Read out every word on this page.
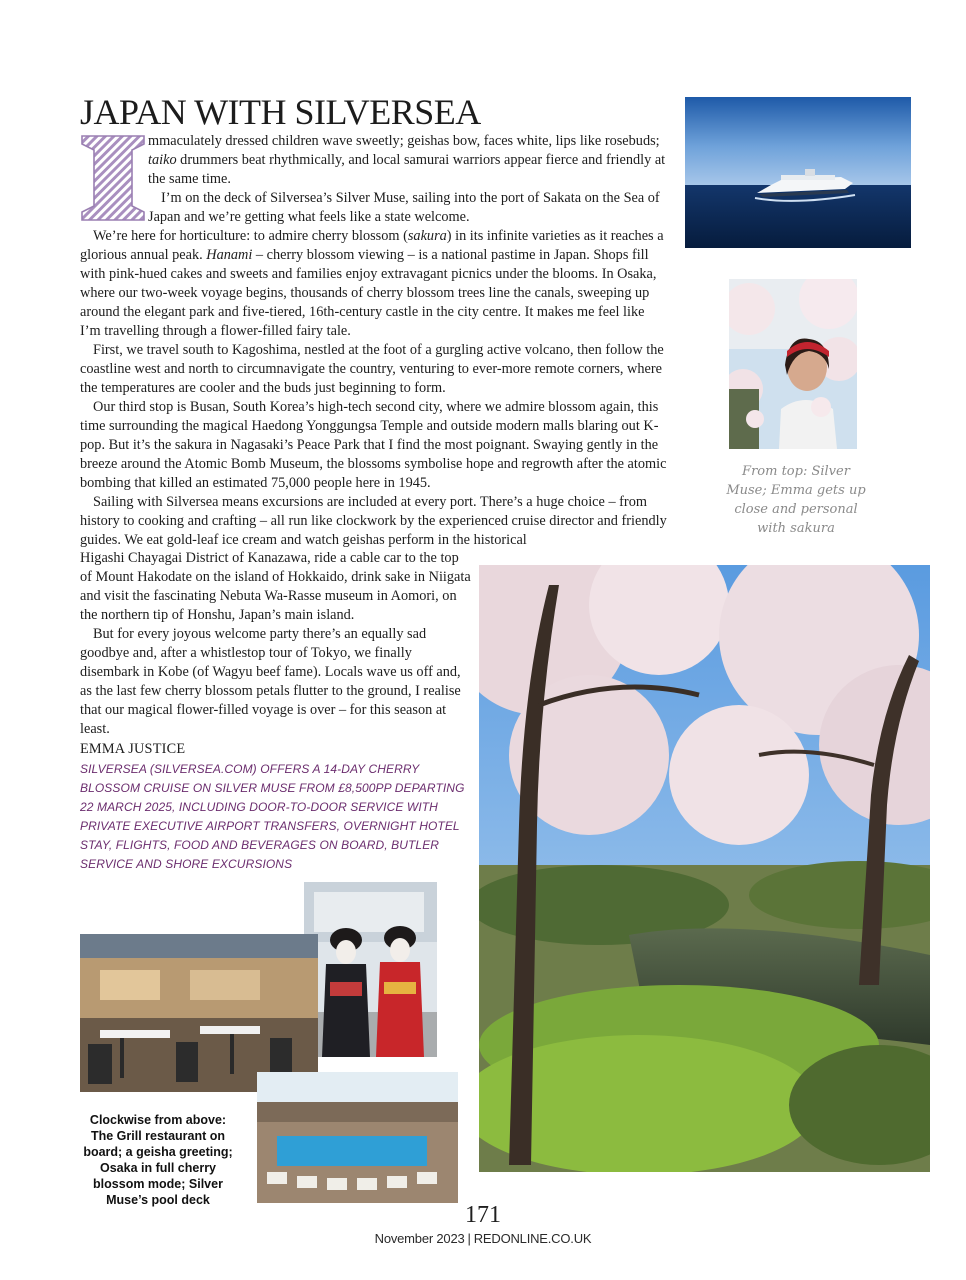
JAPAN WITH SILVERSEA

mmaculately dressed children wave sweetly; geishas bow, faces white, lips like rosebuds; taiko drummers beat rhythmically, and local samurai warriors appear fierce and friendly at the same time.

I’m on the deck of Silversea’s Silver Muse, sailing into the port of Sakata on the Sea of Japan and we’re getting what feels like a state welcome.

We’re here for horticulture: to admire cherry blossom (sakura) in its infinite varieties as it reaches a glorious annual peak. Hanami – cherry blossom viewing – is a national pastime in Japan. Shops fill with pink-hued cakes and sweets and families enjoy extravagant picnics under the blooms. In Osaka, where our two-week voyage begins, thousands of cherry blossom trees line the canals, sweeping up around the elegant park and five-tiered, 16th-century castle in the city centre. It makes me feel like I’m travelling through a flower-filled fairy tale.

First, we travel south to Kagoshima, nestled at the foot of a gurgling active volcano, then follow the coastline west and north to circumnavigate the country, venturing to ever-more remote corners, where the temperatures are cooler and the buds just beginning to form.

Our third stop is Busan, South Korea’s high-tech second city, where we admire blossom again, this time surrounding the magical Haedong Yonggungsa Temple and outside modern malls blaring out K-pop. But it’s the sakura in Nagasaki’s Peace Park that I find the most poignant. Swaying gently in the breeze around the Atomic Bomb Museum, the blossoms symbolise hope and regrowth after the atomic bombing that killed an estimated 75,000 people here in 1945.

Sailing with Silversea means excursions are included at every port. There’s a huge choice – from history to cooking and crafting – all run like clockwork by the experienced cruise director and friendly guides. We eat gold-leaf ice cream and watch geishas perform in the historical

Higashi Chayagai District of Kanazawa, ride a cable car to the top of Mount Hakodate on the island of Hokkaido, drink sake in Niigata and visit the fascinating Nebuta Wa-Rasse museum in Aomori, on the northern tip of Honshu, Japan’s main island.

But for every joyous welcome party there’s an equally sad goodbye and, after a whistlestop tour of Tokyo, we finally disembark in Kobe (of Wagyu beef fame). Locals wave us off and, as the last few cherry blossom petals flutter to the ground, I realise that our magical flower-filled voyage is over – for this season at least.

EMMA JUSTICE

SILVERSEA (SILVERSEA.COM) OFFERS A 14-DAY CHERRY BLOSSOM CRUISE ON SILVER MUSE FROM £8,500PP DEPARTING 22 MARCH 2025, INCLUDING DOOR-TO-DOOR SERVICE WITH PRIVATE EXECUTIVE AIRPORT TRANSFERS, OVERNIGHT HOTEL STAY, FLIGHTS, FOOD AND BEVERAGES ON BOARD, BUTLER SERVICE AND SHORE EXCURSIONS

From top: Silver Muse; Emma gets up close and personal with sakura

Clockwise from above: The Grill restaurant on board; a geisha greeting; Osaka in full cherry blossom mode; Silver Muse’s pool deck

171
November 2023 | REDONLINE.CO.UK
